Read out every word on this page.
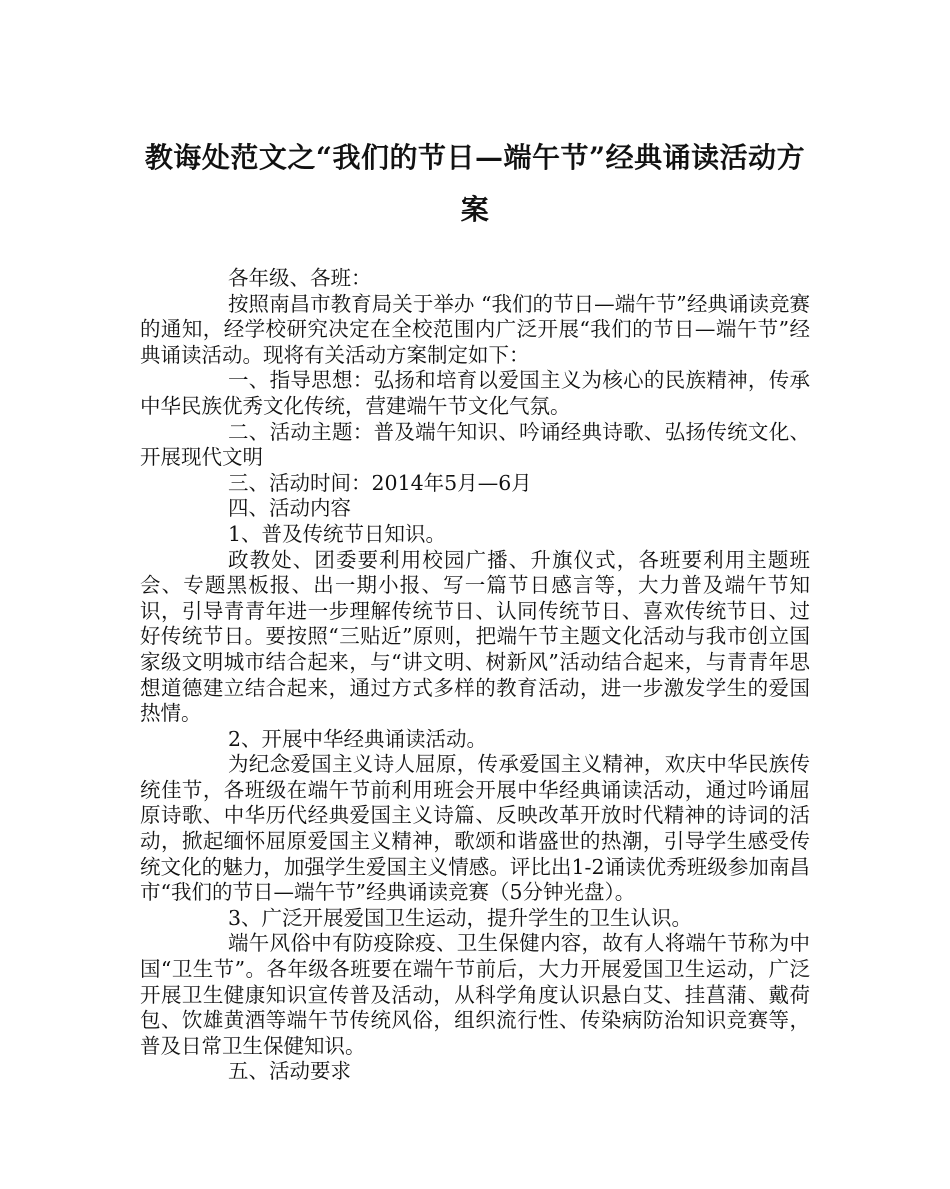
教诲处范文之“我们的节日—端午节”经典诵读活动方案

各年级、各班：

按照南昌市教育局关于举办 “我们的节日—端午节”经典诵读竞赛的通知，经学校研究决定在全校范围内广泛开展“我们的节日—端午节”经典诵读活动。现将有关活动方案制定如下：

一、指导思想：弘扬和培育以爱国主义为核心的民族精神，传承中华民族优秀文化传统，营建端午节文化气氛。

二、活动主题：普及端午知识、吟诵经典诗歌、弘扬传统文化、开展现代文明

三、活动时间：2014年5月—6月

四、活动内容

1、普及传统节日知识。

政教处、团委要利用校园广播、升旗仪式，各班要利用主题班会、专题黑板报、出一期小报、写一篇节日感言等，大力普及端午节知识，引导青青年进一步理解传统节日、认同传统节日、喜欢传统节日、过好传统节日。要按照“三贴近”原则，把端午节主题文化活动与我市创立国家级文明城市结合起来，与“讲文明、树新风”活动结合起来，与青青年思想道德建立结合起来，通过方式多样的教育活动，进一步激发学生的爱国热情。

2、开展中华经典诵读活动。

为纪念爱国主义诗人屈原，传承爱国主义精神，欢庆中华民族传统佳节，各班级在端午节前利用班会开展中华经典诵读活动，通过吟诵屈原诗歌、中华历代经典爱国主义诗篇、反映改革开放时代精神的诗词的活动，掀起缅怀屈原爱国主义精神，歌颂和谐盛世的热潮，引导学生感受传统文化的魅力，加强学生爱国主义情感。评比出1-2诵读优秀班级参加南昌市“我们的节日—端午节”经典诵读竞赛（5分钟光盘）。

3、广泛开展爱国卫生运动，提升学生的卫生认识。

端午风俗中有防疫除疫、卫生保健内容，故有人将端午节称为中国“卫生节”。各年级各班要在端午节前后，大力开展爱国卫生运动，广泛开展卫生健康知识宣传普及活动，从科学角度认识悬白艾、挂菖蒲、戴荷包、饮雄黄酒等端午节传统风俗，组织流行性、传染病防治知识竞赛等，普及日常卫生保健知识。

五、活动要求
